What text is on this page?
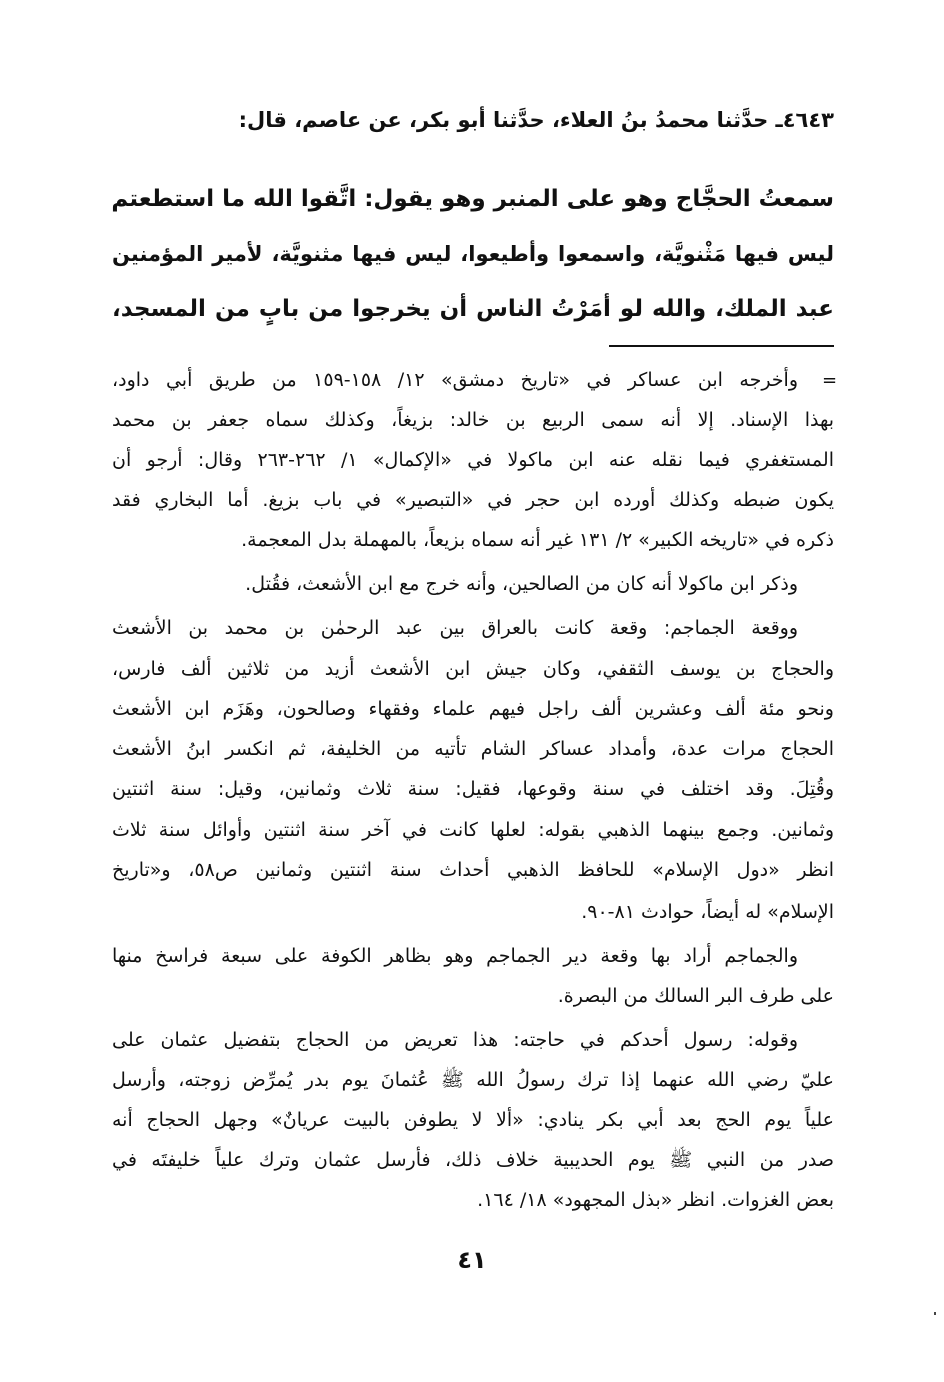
٤٦٤٣ـ حدَّثنا محمدُ بنُ العلاء، حدَّثنا أبو بكر، عن عاصم، قال:
سمعتُ الحجَّاج وهو على المنبر وهو يقول: اتَّقوا الله ما استطعتم
ليس فيها مَثْنويَّة، واسمعوا وأطيعوا، ليس فيها مثنويَّة، لأمير المؤمنين
عبد الملك، والله لو أمَرْتُ الناس أن يخرجوا من بابٍ من المسجد،
=
وأخرجه ابن عساكر في «تاريخ دمشق» ١٢/ ١٥٨-١٥٩ من طريق أبي داود،
بهذا الإسناد. إلا أنه سمى الربيع بن خالد: بزيغاً، وكذلك سماه جعفر بن محمد
المستغفري فيما نقله عنه ابن ماكولا في «الإكمال» ١/ ٢٦٢-٢٦٣ وقال: أرجو أن
يكون ضبطه وكذلك أورده ابن حجر في «التبصير» في باب بزيغ. أما البخاري فقد
ذكره في «تاريخه الكبير» ٢/ ١٣١ غير أنه سماه بزيعاً، بالمهملة بدل المعجمة.
وذكر ابن ماكولا أنه كان من الصالحين، وأنه خرج مع ابن الأشعث، فقُتل.
ووقعة الجماجم: وقعة كانت بالعراق بين عبد الرحمٰن بن محمد بن الأشعث
والحجاج بن يوسف الثقفي، وكان جيش ابن الأشعث أزيد من ثلاثين ألف فارس،
ونحو مئة ألف وعشرين ألف راجل فيهم علماء وفقهاء وصالحون، وهَزَم ابن الأشعث
الحجاج مرات عدة، وأمداد عساكر الشام تأتيه من الخليفة، ثم انكسر ابنُ الأشعث
وقُتِلَ. وقد اختلف في سنة وقوعها، فقيل: سنة ثلاث وثمانين، وقيل: سنة اثنتين
وثمانين. وجمع بينهما الذهبي بقوله: لعلها كانت في آخر سنة اثنتين وأوائل سنة ثلاث
انظر «دول الإسلام» للحافظ الذهبي أحداث سنة اثنتين وثمانين ص٥٨، و«تاريخ
الإسلام» له أيضاً، حوادث ٨١-٩٠.
والجماجم أراد بها وقعة دير الجماجم وهو بظاهر الكوفة على سبعة فراسخ منها
على طرف البر السالك من البصرة.
وقوله: رسول أحدكم في حاجته: هذا تعريض من الحجاج بتفضيل عثمان على
عليّ رضي الله عنهما إذا ترك رسولُ الله ﷺ عُثمانَ يوم بدر يُمرِّض زوجته، وأرسل
علياً يوم الحج بعد أبي بكر ينادي: «ألا لا يطوفن بالبيت عريانٌ» وجهل الحجاج أنه
صدر من النبي ﷺ يوم الحديبية خلاف ذلك، فأرسل عثمان وترك علياً خليفتَه في
بعض الغزوات. انظر «بذل المجهود» ١٨/ ١٦٤.
٤١
